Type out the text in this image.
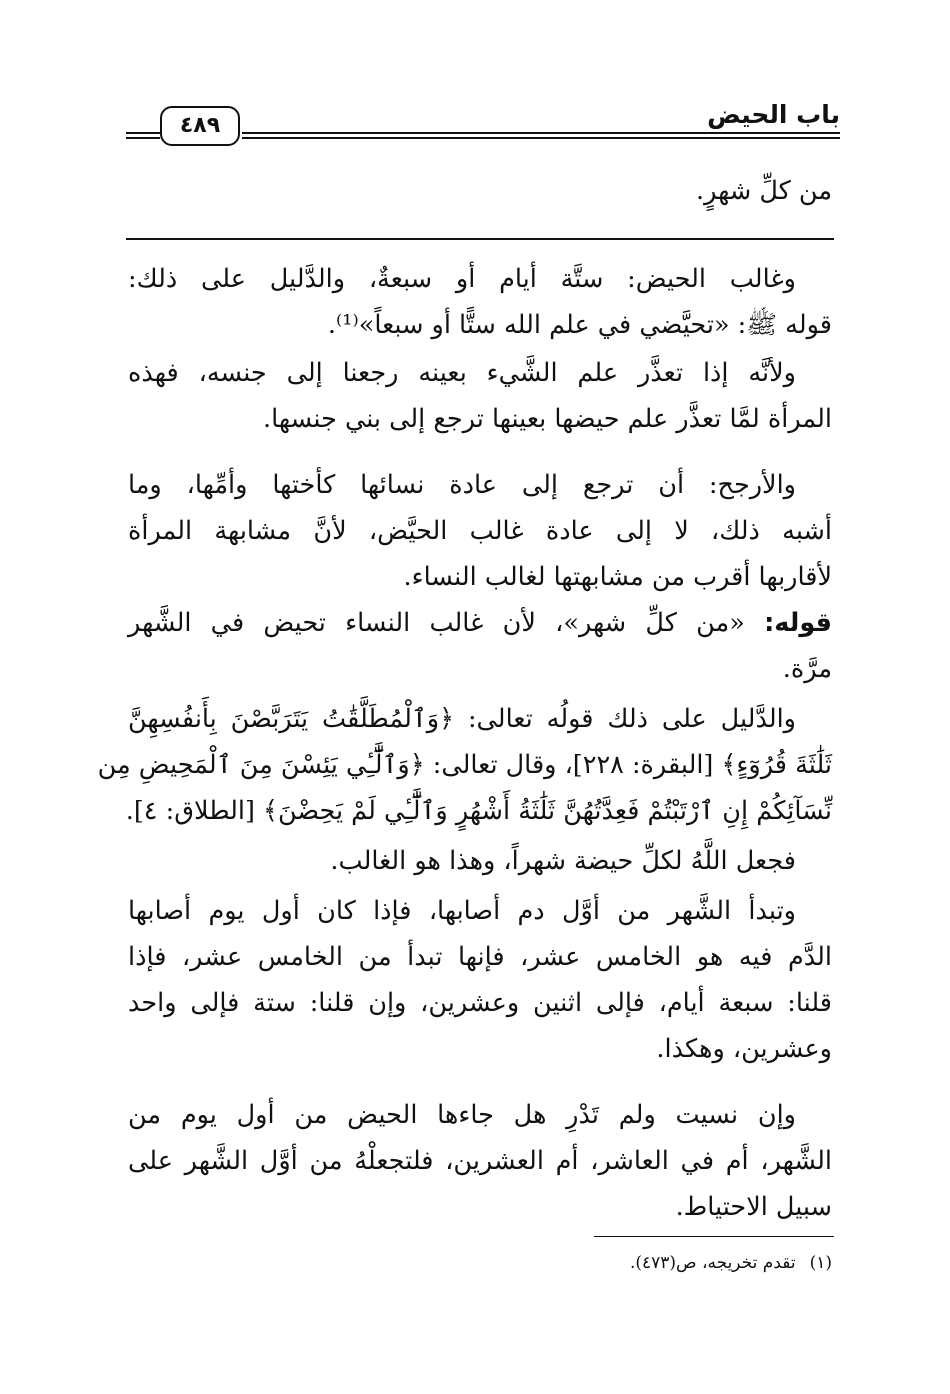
باب الحيض
٤٨٩
من كلِّ شهرٍ.
وغالب الحيض: ستَّة أيام أو سبعةٌ، والدَّليل على ذلك:
قوله ﷺ: «تحيَّضي في علم الله ستًّا أو سبعاً»⁽¹⁾.
ولأنَّه إذا تعذَّر علم الشَّيء بعينه رجعنا إلى جنسه، فهذه
المرأة لمَّا تعذَّر علم حيضها بعينها ترجع إلى بني جنسها.
والأرجح: أن ترجع إلى عادة نسائها كأختها وأمِّها، وما
أشبه ذلك، لا إلى عادة غالب الحيَّض، لأنَّ مشابهة المرأة
لأقاربها أقرب من مشابهتها لغالب النساء.
قوله: «من كلِّ شهر»، لأن غالب النساء تحيض في الشَّهر
مرَّة.
والدَّليل على ذلك قولُه تعالى: ﴿وَٱلْمُطَلَّقَٰتُ يَتَرَبَّصْنَ بِأَنفُسِهِنَّ
ثَلَٰثَةَ قُرُوٓءٍ﴾ [البقرة: ٢٢٨]، وقال تعالى: ﴿وَٱلَّٰٓـِٔي يَئِسْنَ مِنَ ٱلْمَحِيضِ مِن
نِّسَآئِكُمْ إِنِ ٱرْتَبْتُمْ فَعِدَّتُهُنَّ ثَلَٰثَةُ أَشْهُرٍ وَٱلَّٰٓـِٔي لَمْ يَحِضْنَ﴾ [الطلاق: ٤].
فجعل اللَّهُ لكلِّ حيضة شهراً، وهذا هو الغالب.
وتبدأ الشَّهر من أوَّل دم أصابها، فإذا كان أول يوم أصابها
الدَّم فيه هو الخامس عشر، فإنها تبدأ من الخامس عشر، فإذا
قلنا: سبعة أيام، فإلى اثنين وعشرين، وإن قلنا: ستة فإلى واحد
وعشرين، وهكذا.
وإن نسيت ولم تَدْرِ هل جاءها الحيض من أول يوم من
الشَّهر، أم في العاشر، أم العشرين، فلتجعلْهُ من أوَّل الشَّهر على
سبيل الاحتياط.
(١)تقدم تخريجه، ص(٤٧٣).
